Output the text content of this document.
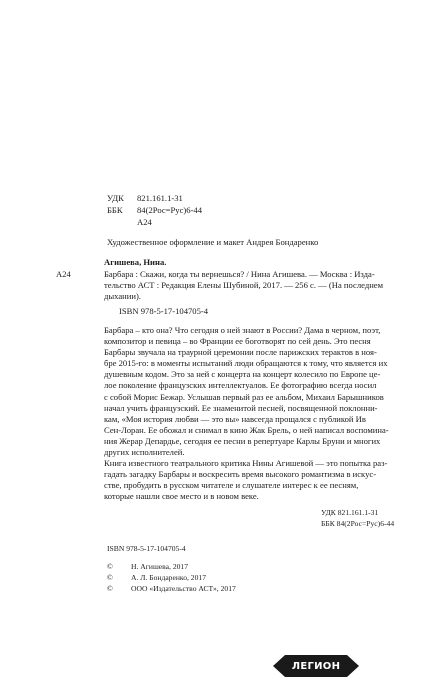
УДК 821.161.1-31
ББК 84(2Рос=Рус)6-44
А24
Художественное оформление и макет Андрея Бондаренко
А24
Агишева, Нина.
Барбара : Скажи, когда ты вернешься? / Нина Агишева. — Москва : Изда-
тельство АСТ : Редакция Елены Шубиной, 2017. — 256 с. — (На последнем
дыхании).
ISBN 978-5-17-104705-4
Барбара – кто она? Что сегодня о ней знают в России? Дама в черном, поэт,
композитор и певица – во Франции ее боготворят по сей день. Это песня
Барбары звучала на траурной церемонии после парижских терактов в ноя-
бре 2015-го: в моменты испытаний люди обращаются к тому, что является их
душевным кодом. Это за ней с концерта на концерт колесило по Европе це-
лое поколение французских интеллектуалов. Ее фотографию всегда носил
с собой Морис Бежар. Услышав первый раз ее альбом, Михаил Барышников
начал учить французский. Ее знаменитой песней, посвященной поклонни-
кам, «Моя история любви — это вы» навсегда прощался с публикой Ив
Сен-Лоран. Ее обожал и снимал в кино Жак Брель, о ней написал воспомина-
ния Жерар Депардье, сегодня ее песни в репертуаре Карлы Бруни и многих
других исполнителей.
Книга известного театрального критика Нины Агишевой — это попытка раз-
гадать загадку Барбары и воскресить время высокого романтизма в искус-
стве, пробудить в русском читателе и слушателе интерес к ее песням,
которые нашли свое место и в новом веке.
УДК 821.161.1-31
ББК 84(2Рос=Рус)6-44
ISBN 978-5-17-104705-4
© Н. Агишева, 2017
© А. Л. Бондаренко, 2017
© ООО «Издательство АСТ», 2017
ЛЕГИОН
